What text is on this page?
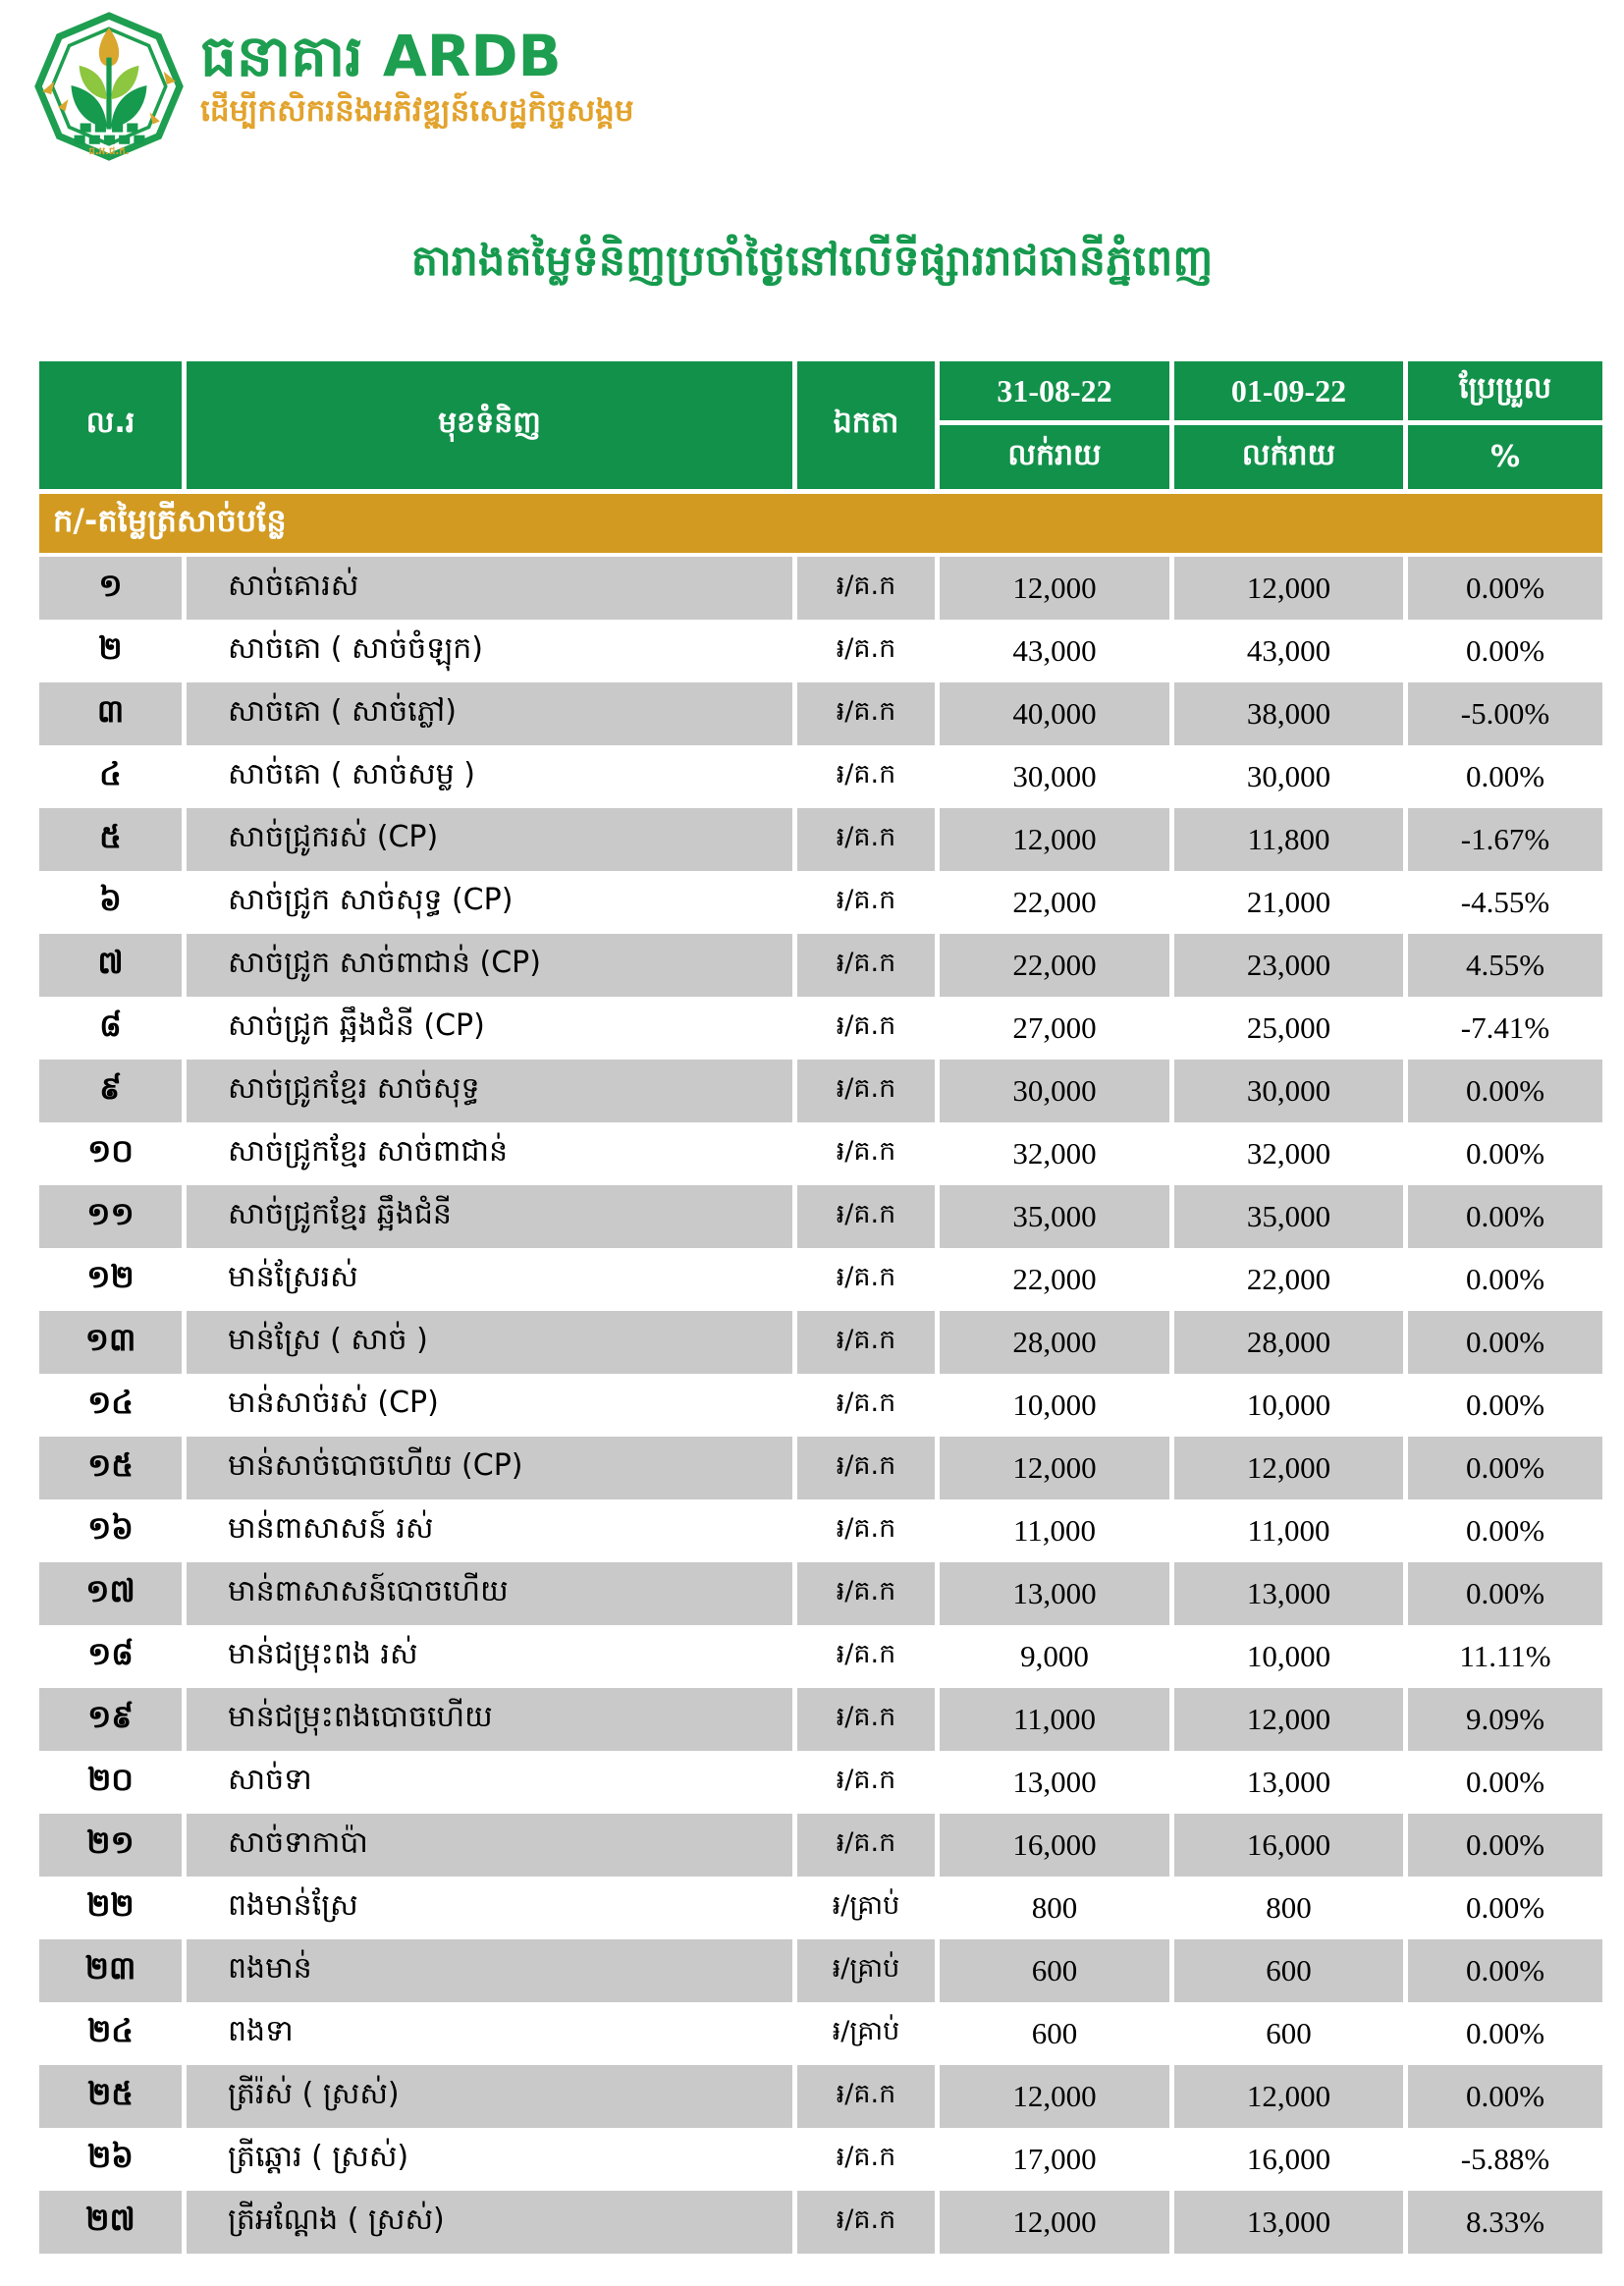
ធ.អ.ជ.ក.
ធនាគារ ARDB
ដើម្បីកសិករនិងអភិវឌ្ឍន៍សេដ្ឋកិច្ចសង្គម
តារាងតម្លៃទំនិញប្រចាំថ្ងៃនៅលើទីផ្សាររាជធានីភ្នំពេញ
ល.រ	មុខទំនិញ	ឯកតា
31-08-22	01-09-22	ប្រែប្រួល
លក់រាយ	លក់រាយ	%
ក/-តម្លៃត្រីសាច់បន្លែ
១	សាច់គោរស់	៛/គ.ក	12,000	12,000	0.00%
២	សាច់គោ ( សាច់ចំឡុក)	៛/គ.ក	43,000	43,000	0.00%
៣	សាច់គោ ( សាច់ភ្លៅ)	៛/គ.ក	40,000	38,000	-5.00%
៤	សាច់គោ ( សាច់សម្ល )	៛/គ.ក	30,000	30,000	0.00%
៥	សាច់ជ្រូករស់ (CP)	៛/គ.ក	12,000	11,800	-1.67%
៦	សាច់ជ្រូក សាច់សុទ្ធ (CP)	៛/គ.ក	22,000	21,000	-4.55%
៧	សាច់ជ្រូក សាច់ពាជាន់ (CP)	៛/គ.ក	22,000	23,000	4.55%
៨	សាច់ជ្រូក ឆ្អឹងជំនី (CP)	៛/គ.ក	27,000	25,000	-7.41%
៩	សាច់ជ្រូកខ្មែរ សាច់សុទ្ធ	៛/គ.ក	30,000	30,000	0.00%
១០	សាច់ជ្រូកខ្មែរ សាច់ពាជាន់	៛/គ.ក	32,000	32,000	0.00%
១១	សាច់ជ្រូកខ្មែរ ឆ្អឹងជំនី	៛/គ.ក	35,000	35,000	0.00%
១២	មាន់ស្រែរស់	៛/គ.ក	22,000	22,000	0.00%
១៣	មាន់ស្រែ ( សាច់ )	៛/គ.ក	28,000	28,000	0.00%
១៤	មាន់សាច់រស់ (CP)	៛/គ.ក	10,000	10,000	0.00%
១៥	មាន់សាច់បោចហើយ (CP)	៛/គ.ក	12,000	12,000	0.00%
១៦	មាន់ពាសាសន៍ រស់	៛/គ.ក	11,000	11,000	0.00%
១៧	មាន់ពាសាសន៍បោចហើយ	៛/គ.ក	13,000	13,000	0.00%
១៨	មាន់ជម្រុះពង រស់	៛/គ.ក	9,000	10,000	11.11%
១៩	មាន់ជម្រុះពងបោចហើយ	៛/គ.ក	11,000	12,000	9.09%
២០	សាច់ទា	៛/គ.ក	13,000	13,000	0.00%
២១	សាច់ទាកាប៉ា	៛/គ.ក	16,000	16,000	0.00%
២២	ពងមាន់ស្រែ	៛/គ្រាប់	800	800	0.00%
២៣	ពងមាន់	៛/គ្រាប់	600	600	0.00%
២៤	ពងទា	៛/គ្រាប់	600	600	0.00%
២៥	ត្រីរ៉ស់ ( ស្រស់)	៛/គ.ក	12,000	12,000	0.00%
២៦	ត្រីឆ្ដោរ ( ស្រស់)	៛/គ.ក	17,000	16,000	-5.88%
២៧	ត្រីអណ្ដែង ( ស្រស់)	៛/គ.ក	12,000	13,000	8.33%
